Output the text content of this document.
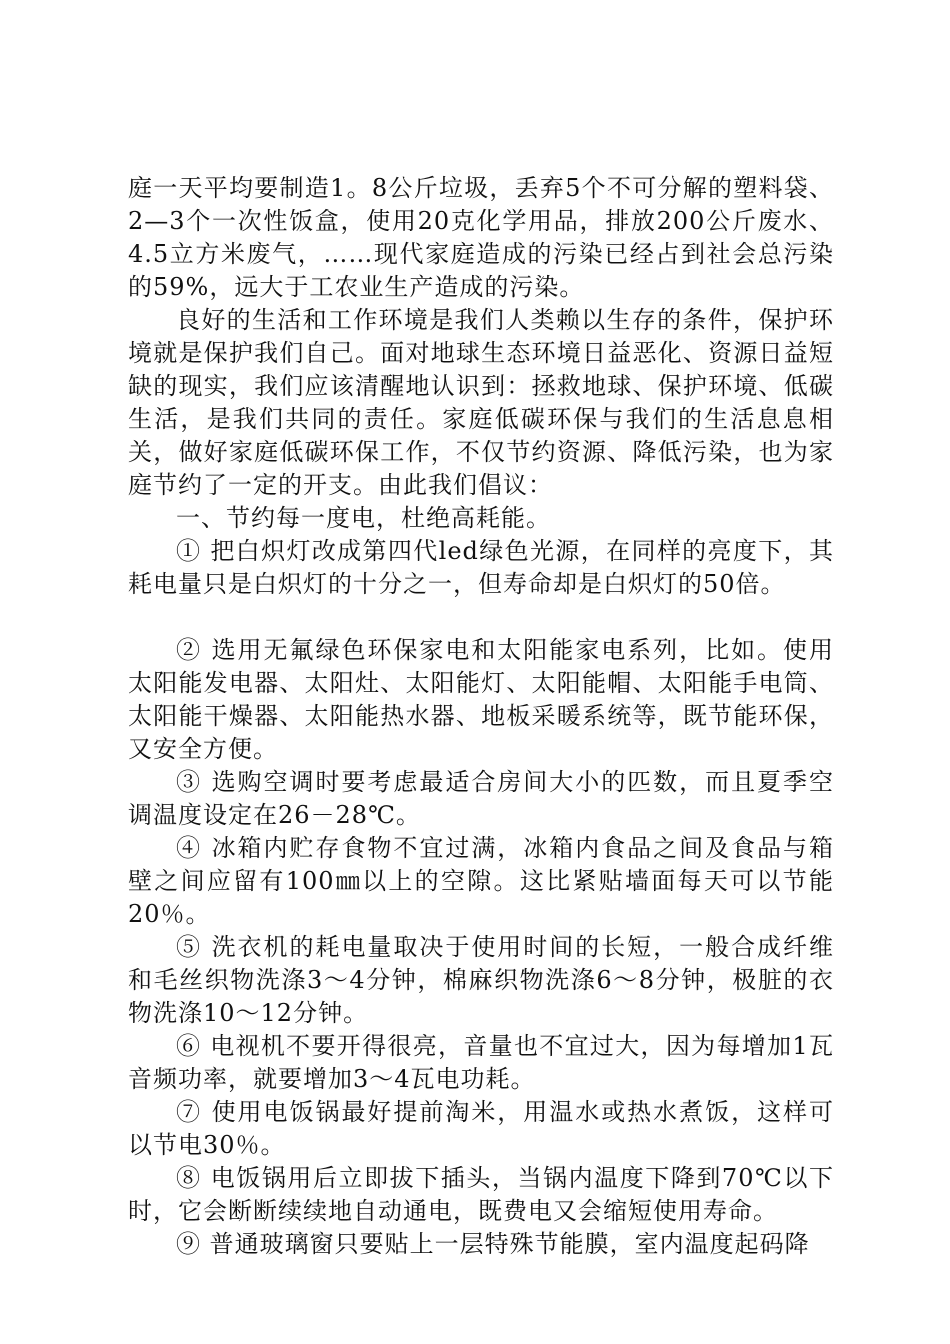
庭一天平均要制造1。8公斤垃圾，丢弃5个不可分解的塑料袋、2—3个一次性饭盒，使用20克化学用品，排放200公斤废水、4.5立方米废气，……现代家庭造成的污染已经占到社会总污染的59%，远大于工农业生产造成的污染。

良好的生活和工作环境是我们人类赖以生存的条件，保护环境就是保护我们自己。面对地球生态环境日益恶化、资源日益短缺的现实，我们应该清醒地认识到：拯救地球、保护环境、低碳生活，是我们共同的责任。家庭低碳环保与我们的生活息息相关，做好家庭低碳环保工作，不仅节约资源、降低污染，也为家庭节约了一定的开支。由此我们倡议：

一、节约每一度电，杜绝高耗能。

① 把白炽灯改成第四代led绿色光源，在同样的亮度下，其耗电量只是白炽灯的十分之一，但寿命却是白炽灯的50倍。

② 选用无氟绿色环保家电和太阳能家电系列，比如。使用太阳能发电器、太阳灶、太阳能灯、太阳能帽、太阳能手电筒、太阳能干燥器、太阳能热水器、地板采暖系统等，既节能环保，又安全方便。

③ 选购空调时要考虑最适合房间大小的匹数，而且夏季空调温度设定在26－28℃。

④ 冰箱内贮存食物不宜过满，冰箱内食品之间及食品与箱壁之间应留有100㎜以上的空隙。这比紧贴墙面每天可以节能20％。

⑤ 洗衣机的耗电量取决于使用时间的长短，一般合成纤维和毛丝织物洗涤3～4分钟，棉麻织物洗涤6～8分钟，极脏的衣物洗涤10～12分钟。

⑥ 电视机不要开得很亮，音量也不宜过大，因为每增加1瓦音频功率，就要增加3～4瓦电功耗。

⑦ 使用电饭锅最好提前淘米，用温水或热水煮饭，这样可以节电30％。

⑧ 电饭锅用后立即拔下插头，当锅内温度下降到70℃以下时，它会断断续续地自动通电，既费电又会缩短使用寿命。

⑨ 普通玻璃窗只要贴上一层特殊节能膜，室内温度起码降
